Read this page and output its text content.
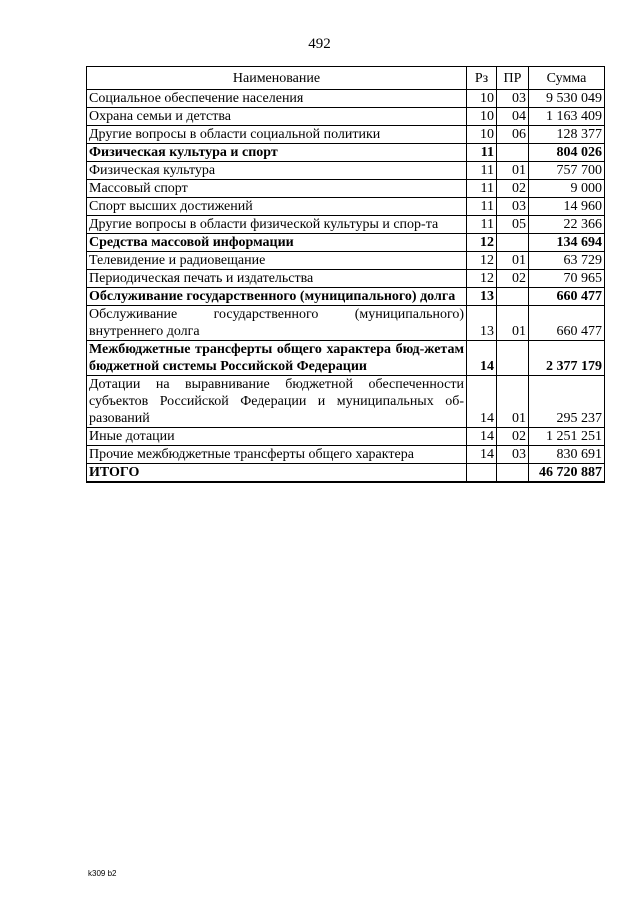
492
Наименование	Рз	ПР	Сумма
Социальное обеспечение населения	10	03	9 530 049
Охрана семьи и детства	10	04	1 163 409
Другие вопросы в области социальной политики	10	06	128 377
Физическая культура и спорт	11		804 026
Физическая культура	11	01	757 700
Массовый спорт	11	02	9 000
Спорт высших достижений	11	03	14 960
Другие вопросы в области физической культуры и спор-та	11	05	22 366
Средства массовой информации	12		134 694
Телевидение и радиовещание	12	01	63 729
Периодическая печать и издательства	12	02	70 965
Обслуживание государственного (муниципального) долга	13		660 477
Обслуживание государственного (муниципального) внутреннего долга	13	01	660 477
Межбюджетные трансферты общего характера бюд-жетам бюджетной системы Российской Федерации	14		2 377 179
Дотации на выравнивание бюджетной обеспеченности субъектов Российской Федерации и муниципальных об-разований	14	01	295 237
Иные дотации	14	02	1 251 251
Прочие межбюджетные трансферты общего характера	14	03	830 691
ИТОГО			46 720 887
k309 b2
